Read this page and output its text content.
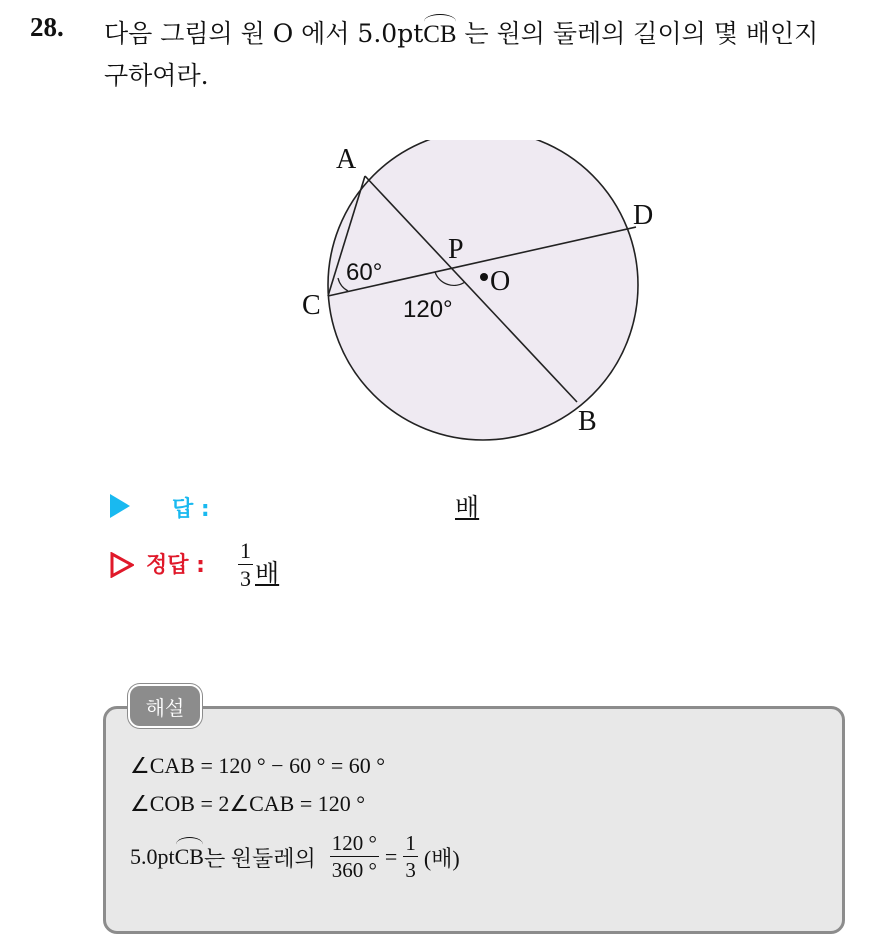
28. 다음 그림의 원 O 에서 5.0ptCB 는 원의 둘레의 길이의 몇 배인지
구하여라.
A
B
C
D
P
O
60°
120°
답 :	배
정답 : $\frac{1}{3}$ 배
해설
∠CAB = 120 ° − 60 ° = 60 °
∠COB = 2∠CAB = 120 °
5.0pt CB 는 원둘레의 $\frac{120 ^\circ}{360 ^\circ} = \frac{1}{3}$ (배)
